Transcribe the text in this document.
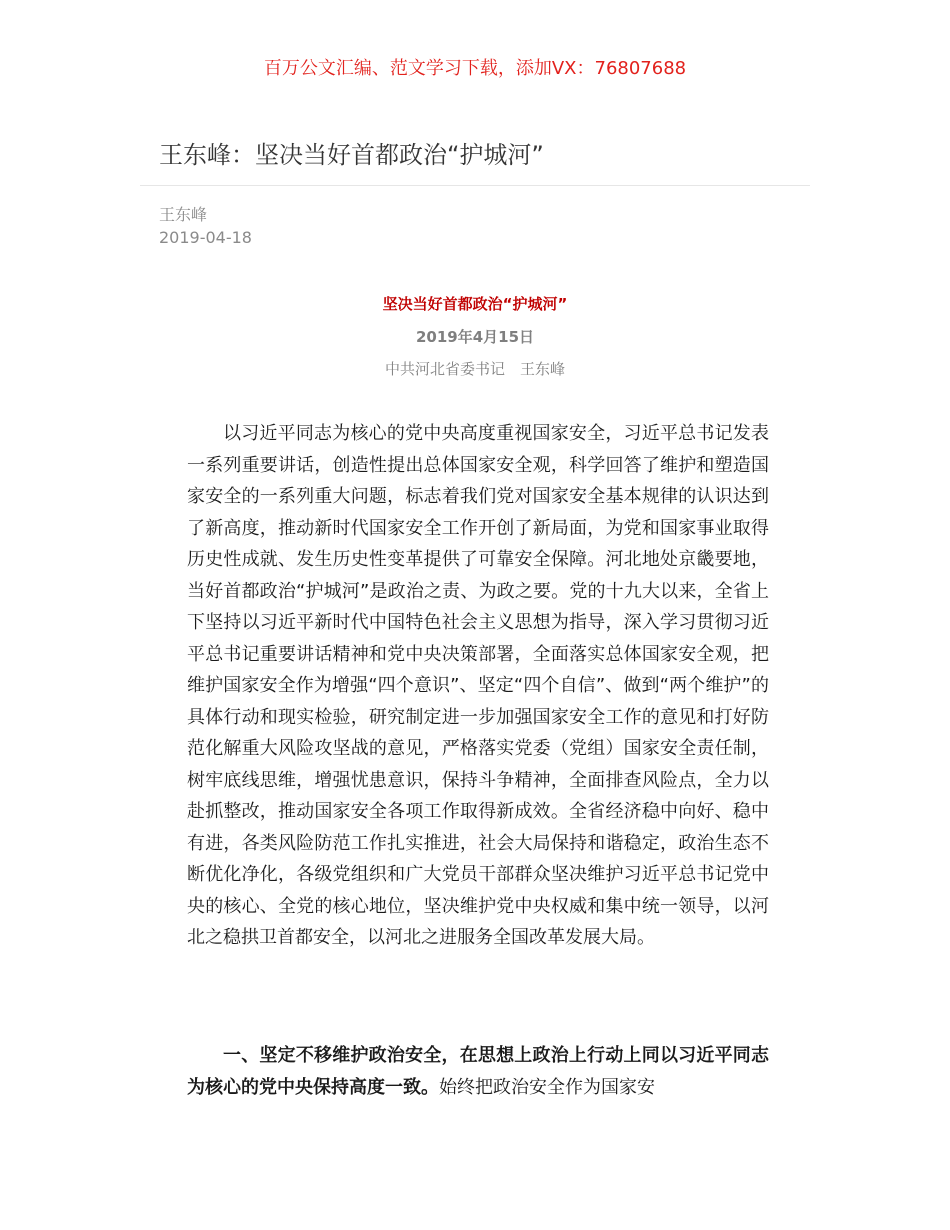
百万公文汇编、范文学习下载，添加VX：76807688
王东峰：坚决当好首都政治“护城河”
王东峰
2019-04-18
坚决当好首都政治“护城河”
2019年4月15日
中共河北省委书记　王东峰

以习近平同志为核心的党中央高度重视国家安全，习近平总书记发表一系列重要讲话，创造性提出总体国家安全观，科学回答了维护和塑造国家安全的一系列重大问题，标志着我们党对国家安全基本规律的认识达到了新高度，推动新时代国家安全工作开创了新局面，为党和国家事业取得历史性成就、发生历史性变革提供了可靠安全保障。河北地处京畿要地，当好首都政治“护城河”是政治之责、为政之要。党的十九大以来，全省上下坚持以习近平新时代中国特色社会主义思想为指导，深入学习贯彻习近平总书记重要讲话精神和党中央决策部署，全面落实总体国家安全观，把维护国家安全作为增强“四个意识”、坚定“四个自信”、做到“两个维护”的具体行动和现实检验，研究制定进一步加强国家安全工作的意见和打好防范化解重大风险攻坚战的意见，严格落实党委（党组）国家安全责任制，树牢底线思维，增强忧患意识，保持斗争精神，全面排查风险点，全力以赴抓整改，推动国家安全各项工作取得新成效。全省经济稳中向好、稳中有进，各类风险防范工作扎实推进，社会大局保持和谐稳定，政治生态不断优化净化，各级党组织和广大党员干部群众坚决维护习近平总书记党中央的核心、全党的核心地位，坚决维护党中央权威和集中统一领导，以河北之稳拱卫首都安全，以河北之进服务全国改革发展大局。

一、坚定不移维护政治安全，在思想上政治上行动上同以习近平同志为核心的党中央保持高度一致。始终把政治安全作为国家安
